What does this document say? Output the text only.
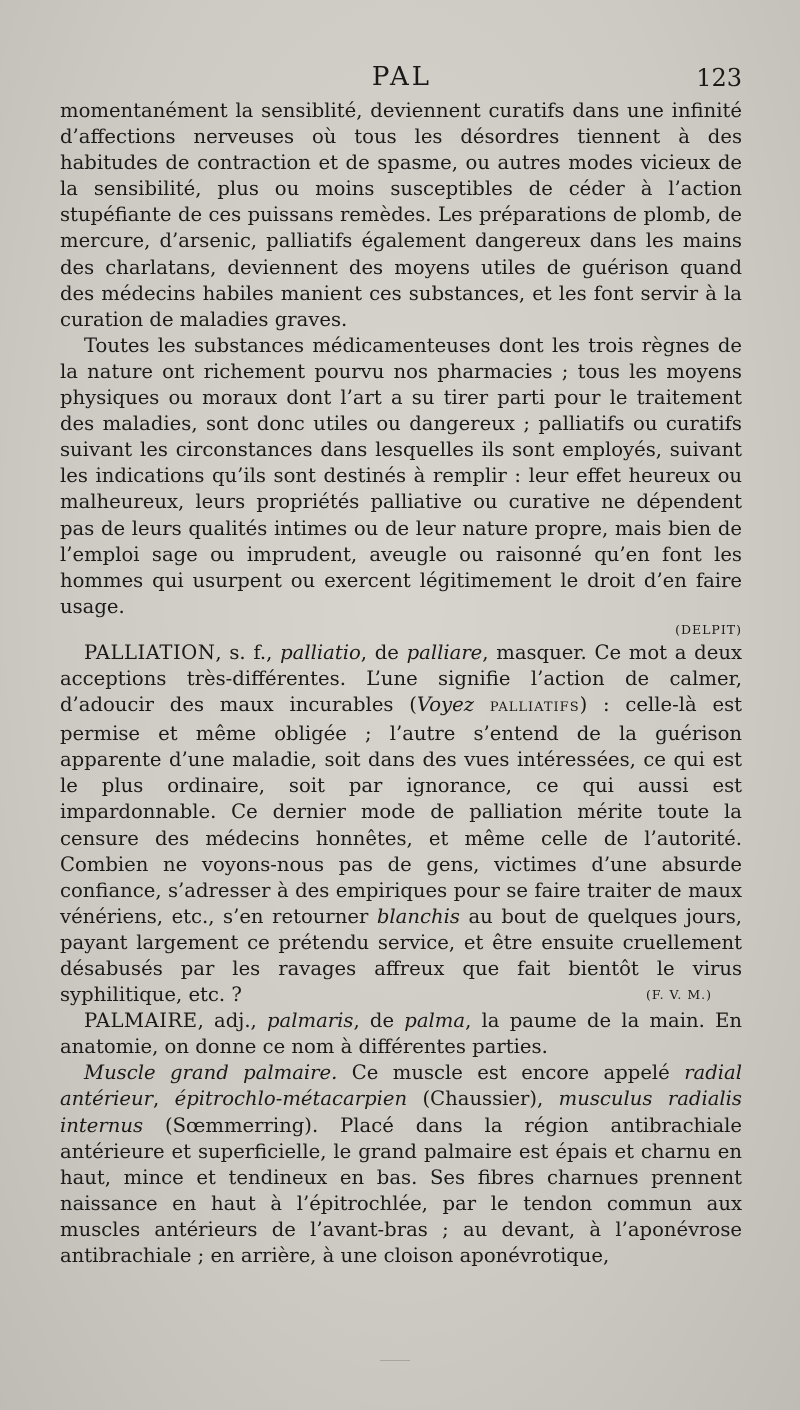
PAL	123

momentanément la sensiblité, deviennent curatifs dans une infinité d’affections nerveuses où tous les désordres tiennent à des habitudes de contraction et de spasme, ou autres modes vicieux de la sensibilité, plus ou moins susceptibles de céder à l’action stupéfiante de ces puissans remèdes. Les préparations de plomb, de mercure, d’arsenic, palliatifs également dangereux dans les mains des charlatans, deviennent des moyens utiles de guérison quand des médecins habiles manient ces substances, et les font servir à la curation de maladies graves.

Toutes les substances médicamenteuses dont les trois règnes de la nature ont richement pourvu nos pharmacies ; tous les moyens physiques ou moraux dont l’art a su tirer parti pour le traitement des maladies, sont donc utiles ou dangereux ; palliatifs ou curatifs suivant les circonstances dans lesquelles ils sont employés, suivant les indications qu’ils sont destinés à remplir : leur effet heureux ou malheureux, leurs propriétés palliative ou curative ne dépendent pas de leurs qualités intimes ou de leur nature propre, mais bien de l’emploi sage ou imprudent, aveugle ou raisonné qu’en font les hommes qui usurpent ou exercent légitimement le droit d’en faire usage.

(DELPIT)

PALLIATION, s. f., palliatio, de palliare, masquer. Ce mot a deux acceptions très-différentes. L’une signifie l’action de calmer, d’adoucir des maux incurables (Voyez PALLIATIFS) : celle-là est permise et même obligée ; l’autre s’entend de la guérison apparente d’une maladie, soit dans des vues intéressées, ce qui est le plus ordinaire, soit par ignorance, ce qui aussi est impardonnable. Ce dernier mode de palliation mérite toute la censure des médecins honnêtes, et même celle de l’autorité. Combien ne voyons-nous pas de gens, victimes d’une absurde confiance, s’adresser à des empiriques pour se faire traiter de maux vénériens, etc., s’en retourner blanchis au bout de quelques jours, payant largement ce prétendu service, et être ensuite cruellement désabusés par les ravages affreux que fait bientôt le virus syphilitique, etc. ?	(F. V. M.)

PALMAIRE, adj., palmaris, de palma, la paume de la main. En anatomie, on donne ce nom à différentes parties.

Muscle grand palmaire. Ce muscle est encore appelé radial antérieur, épitrochlo-métacarpien (Chaussier), musculus radialis internus (Sœmmerring). Placé dans la région antibrachiale antérieure et superficielle, le grand palmaire est épais et charnu en haut, mince et tendineux en bas. Ses fibres charnues prennent naissance en haut à l’épitrochlée, par le tendon commun aux muscles antérieurs de l’avant-bras ; au devant, à l’aponévrose antibrachiale ; en arrière, à une cloison aponévrotique,
